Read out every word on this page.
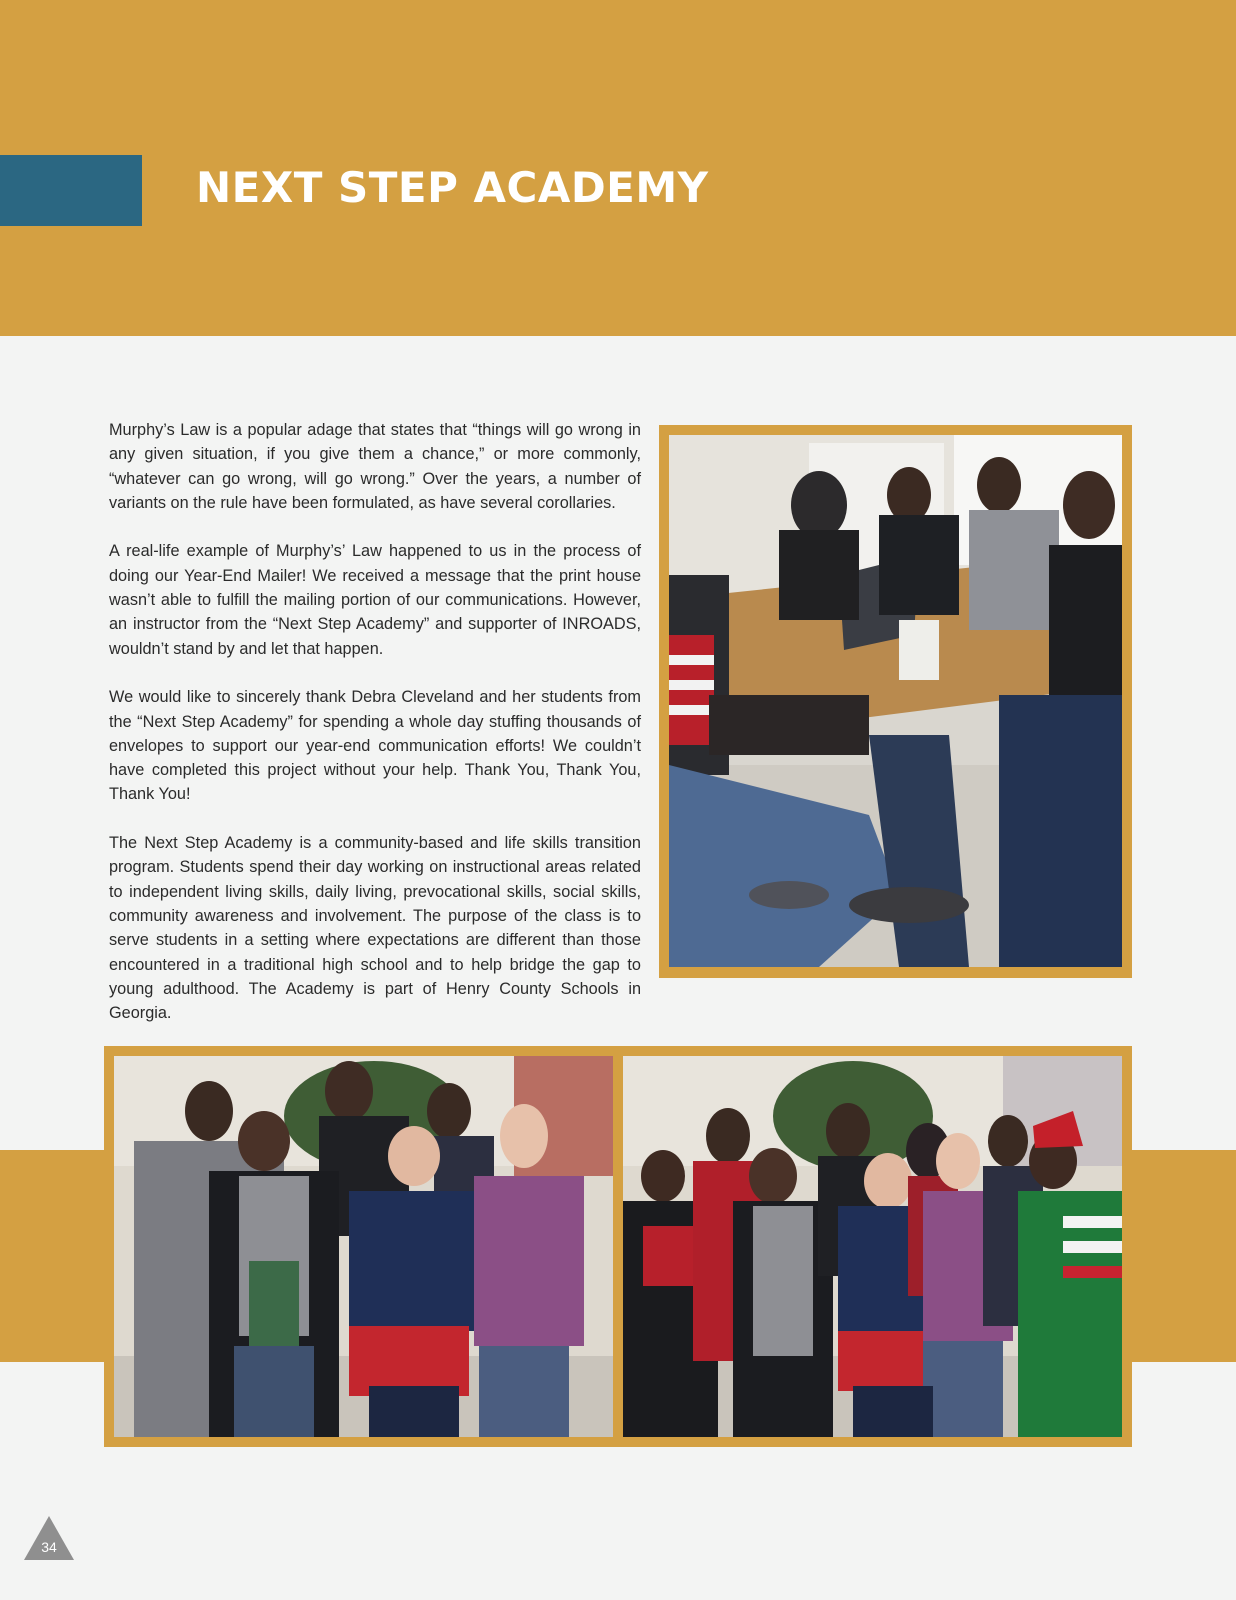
NEXT STEP ACADEMY

Murphy’s Law is a popular adage that states that “things will go wrong in any given situation, if you give them a chance,” or more commonly, “whatever can go wrong, will go wrong.” Over the years, a number of variants on the rule have been formulated, as have several corollaries.

A real-life example of Murphy’s’ Law happened to us in the process of doing our Year-End Mailer! We received a message that the print house wasn’t able to fulfill the mailing portion of our communications. However, an instructor from the “Next Step Academy” and supporter of INROADS, wouldn’t stand by and let that happen.

We would like to sincerely thank Debra Cleveland and her students from the “Next Step Academy” for spending a whole day stuffing thousands of envelopes to support our year-end communication efforts! We couldn’t have completed this project without your help. Thank You, Thank You, Thank You!

The Next Step Academy is a community-based and life skills transition program. Students spend their day working on instructional areas related to independent living skills, daily living, prevocational skills, social skills, community awareness and involvement. The purpose of the class is to serve students in a setting where expectations are different than those encountered in a traditional high school and to help bridge the gap to young adulthood. The Academy is part of Henry County Schools in Georgia.

34
